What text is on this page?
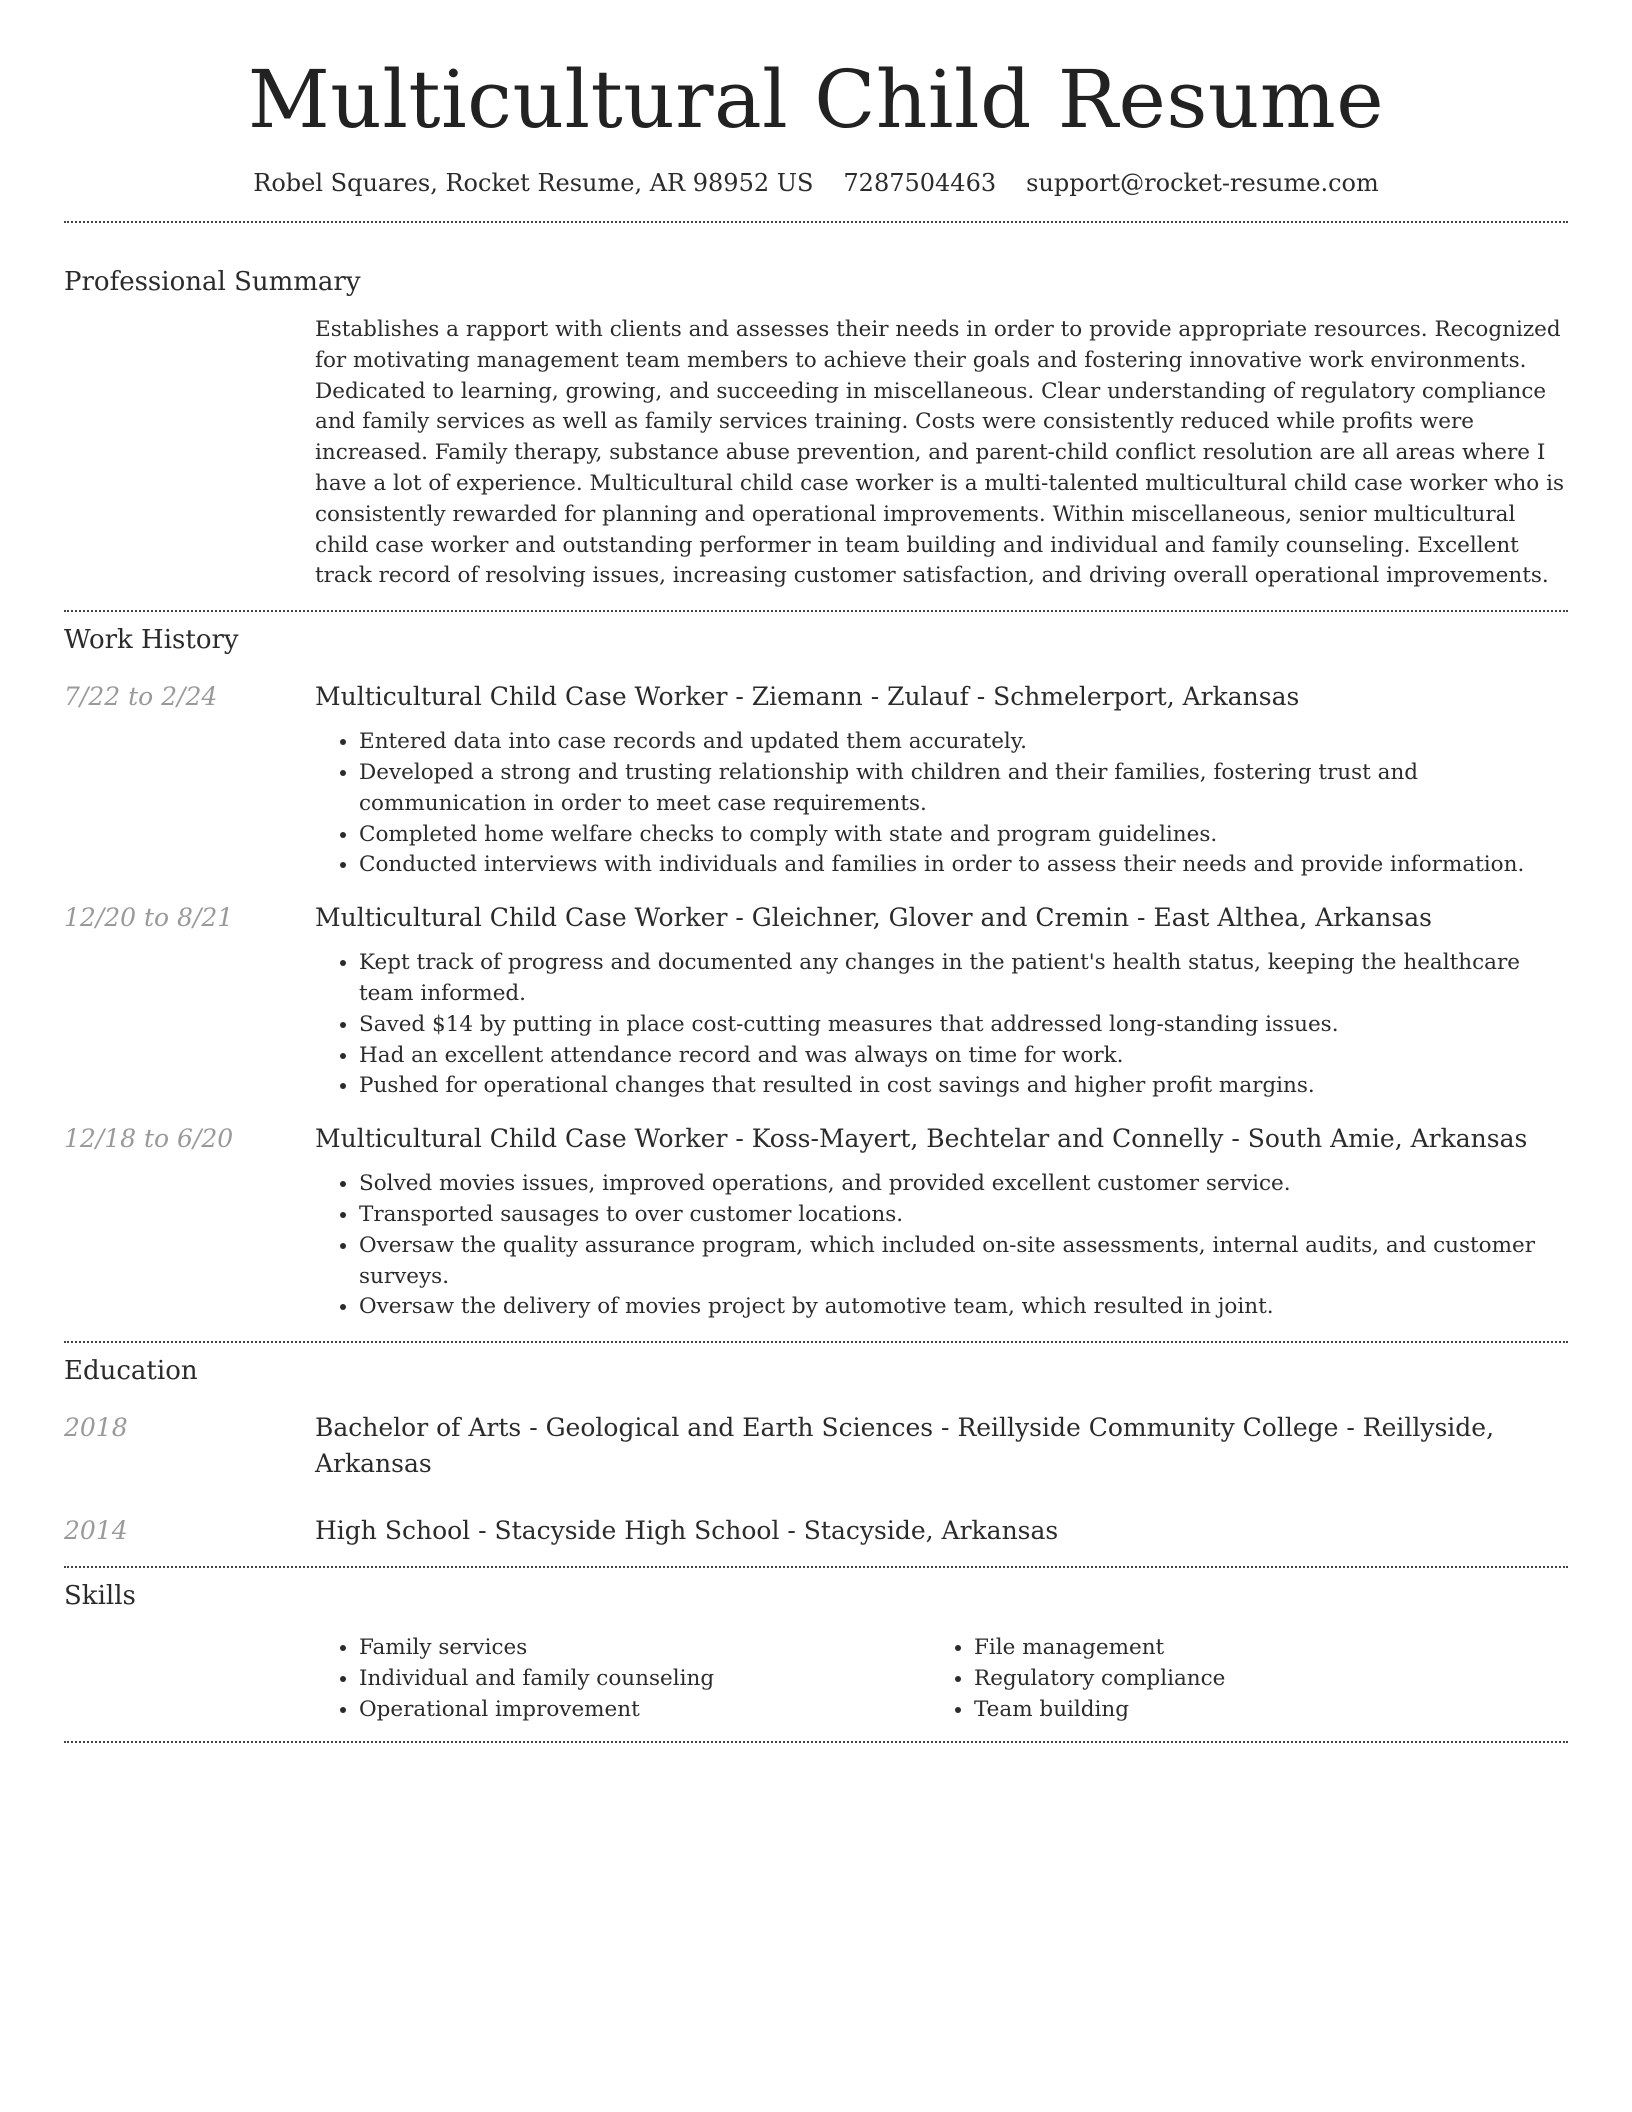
Multicultural Child Resume
Robel Squares, Rocket Resume, AR 98952 US 7287504463 support@rocket-resume.com
Professional Summary
Establishes a rapport with clients and assesses their needs in order to provide appropriate resources. Recognized for motivating management team members to achieve their goals and fostering innovative work environments. Dedicated to learning, growing, and succeeding in miscellaneous. Clear understanding of regulatory compliance and family services as well as family services training. Costs were consistently reduced while profits were increased. Family therapy, substance abuse prevention, and parent-child conflict resolution are all areas where I have a lot of experience. Multicultural child case worker is a multi-talented multicultural child case worker who is consistently rewarded for planning and operational improvements. Within miscellaneous, senior multicultural child case worker and outstanding performer in team building and individual and family counseling. Excellent track record of resolving issues, increasing customer satisfaction, and driving overall operational improvements.
Work History
7/22 to 2/24	Multicultural Child Case Worker - Ziemann - Zulauf - Schmelerport, Arkansas
• Entered data into case records and updated them accurately.
• Developed a strong and trusting relationship with children and their families, fostering trust and communication in order to meet case requirements.
• Completed home welfare checks to comply with state and program guidelines.
• Conducted interviews with individuals and families in order to assess their needs and provide information.
12/20 to 8/21	Multicultural Child Case Worker - Gleichner, Glover and Cremin - East Althea, Arkansas
• Kept track of progress and documented any changes in the patient's health status, keeping the healthcare team informed.
• Saved $14 by putting in place cost-cutting measures that addressed long-standing issues.
• Had an excellent attendance record and was always on time for work.
• Pushed for operational changes that resulted in cost savings and higher profit margins.
12/18 to 6/20	Multicultural Child Case Worker - Koss-Mayert, Bechtelar and Connelly - South Amie, Arkansas
• Solved movies issues, improved operations, and provided excellent customer service.
• Transported sausages to over customer locations.
• Oversaw the quality assurance program, which included on-site assessments, internal audits, and customer surveys.
• Oversaw the delivery of movies project by automotive team, which resulted in joint.
Education
2018	Bachelor of Arts - Geological and Earth Sciences - Reillyside Community College - Reillyside, Arkansas
2014	High School - Stacyside High School - Stacyside, Arkansas
Skills
• Family services
• Individual and family counseling
• Operational improvement
• File management
• Regulatory compliance
• Team building
